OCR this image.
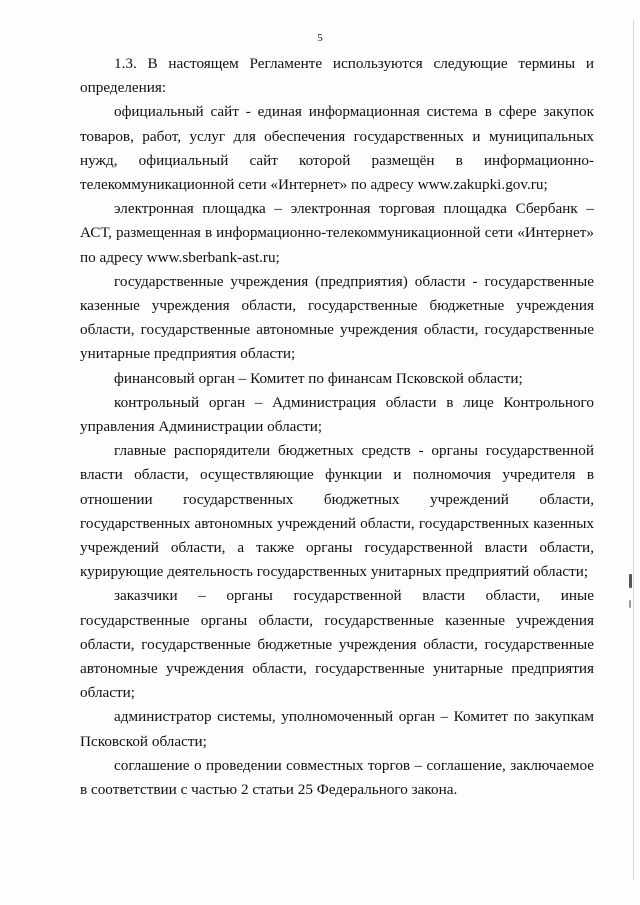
5

1.3. В настоящем Регламенте используются следующие термины и определения:

официальный сайт - единая информационная система в сфере закупок товаров, работ, услуг для обеспечения государственных и муниципальных нужд, официальный сайт которой размещён в информационно-телекоммуникационной сети «Интернет» по адресу www.zakupki.gov.ru;

электронная площадка – электронная торговая площадка Сбербанк – АСТ, размещенная в информационно-телекоммуникационной сети «Интернет» по адресу www.sberbank-ast.ru;

государственные учреждения (предприятия) области - государственные казенные учреждения области, государственные бюджетные учреждения области, государственные автономные учреждения области, государственные унитарные предприятия области;

финансовый орган – Комитет по финансам Псковской области;

контрольный орган – Администрация области в лице Контрольного управления Администрации области;

главные распорядители бюджетных средств - органы государственной власти области, осуществляющие функции и полномочия учредителя в отношении государственных бюджетных учреждений области, государственных автономных учреждений области, государственных казенных учреждений области, а также органы государственной власти области, курирующие деятельность государственных унитарных предприятий области;

заказчики – органы государственной власти области, иные государственные органы области, государственные казенные учреждения области, государственные бюджетные учреждения области, государственные автономные учреждения области, государственные унитарные предприятия области;

администратор системы, уполномоченный орган – Комитет по закупкам Псковской области;

соглашение о проведении совместных торгов – соглашение, заключаемое в соответствии с частью 2 статьи 25 Федерального закона.
